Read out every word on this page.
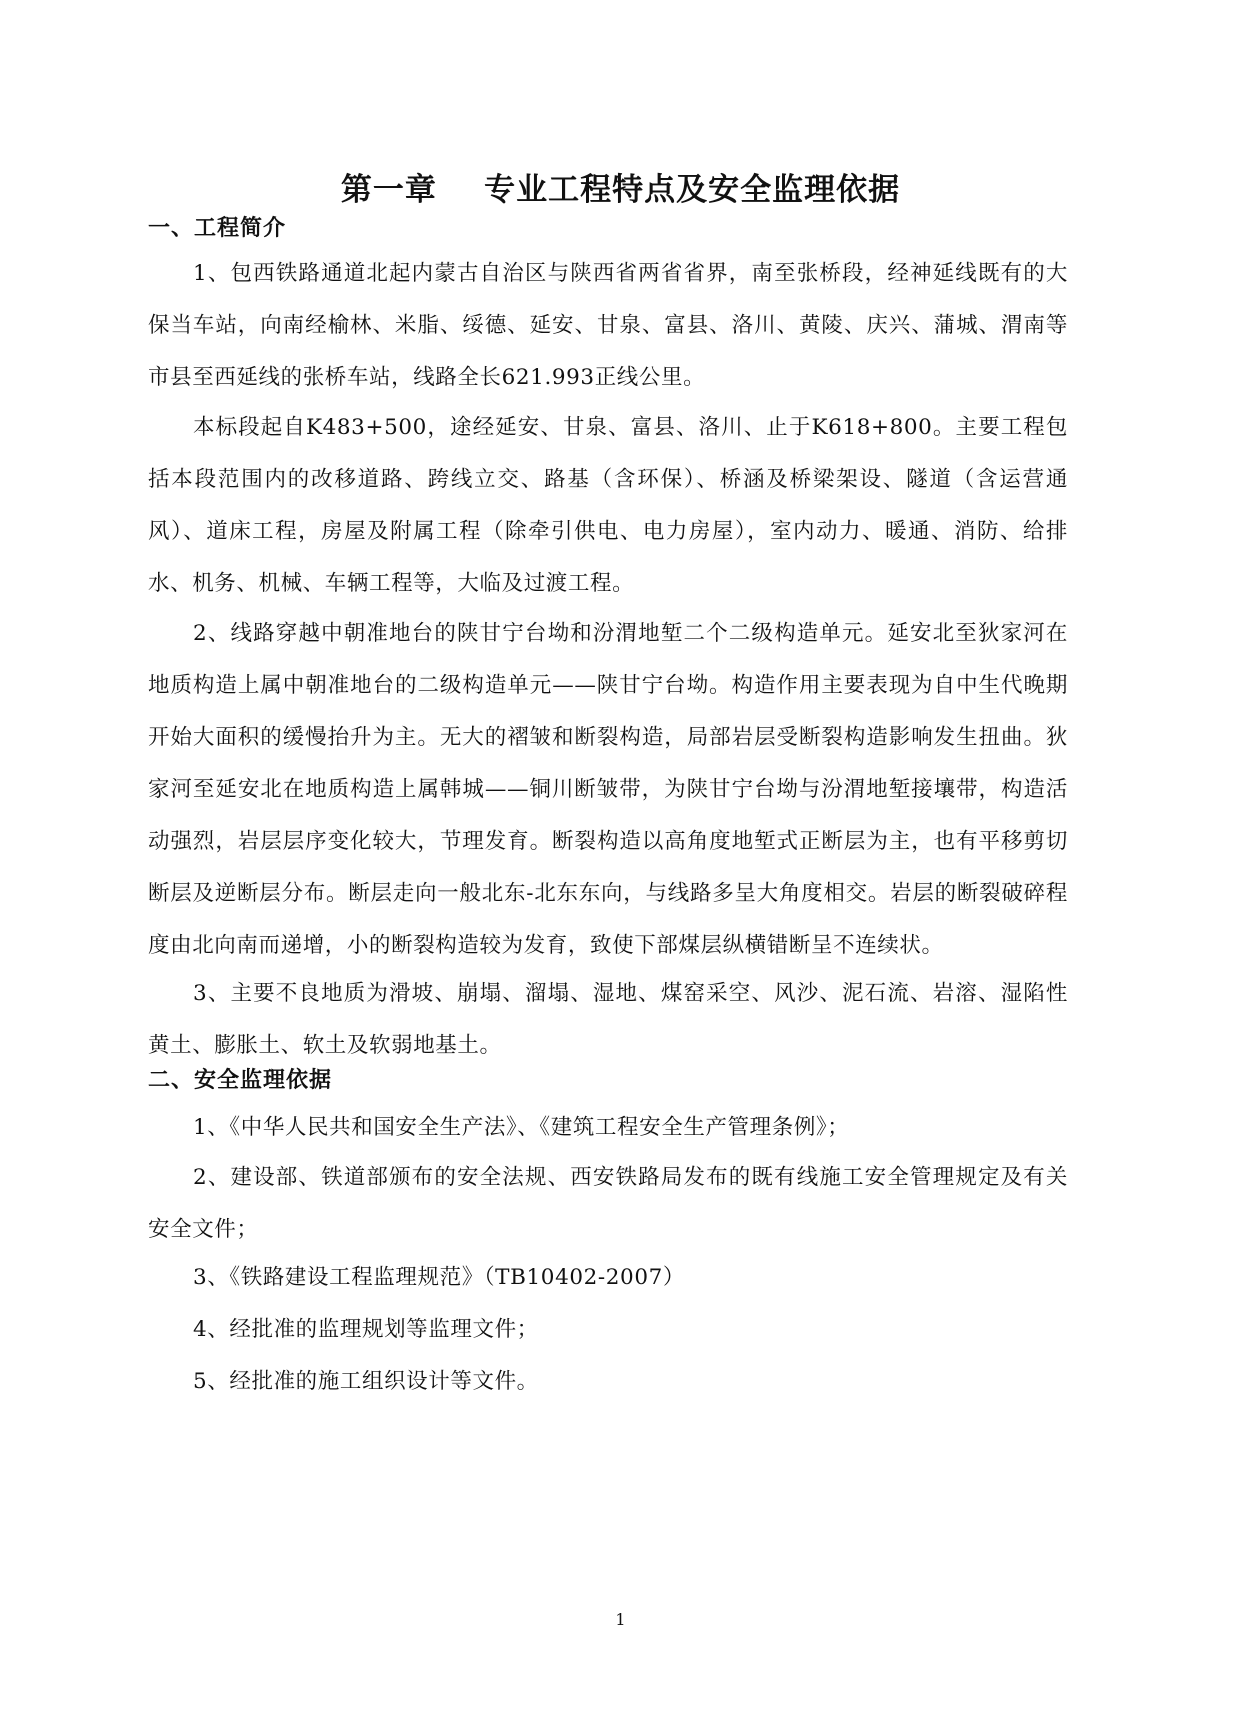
第一章    专业工程特点及安全监理依据
一、工程简介

1、包西铁路通道北起内蒙古自治区与陕西省两省省界，南至张桥段，经神延线既有的大保当车站，向南经榆林、米脂、绥德、延安、甘泉、富县、洛川、黄陵、庆兴、蒲城、渭南等市县至西延线的张桥车站，线路全长621.993正线公里。

本标段起自K483+500，途经延安、甘泉、富县、洛川、止于K618+800。主要工程包括本段范围内的改移道路、跨线立交、路基（含环保）、桥涵及桥梁架设、隧道（含运营通风）、道床工程，房屋及附属工程（除牵引供电、电力房屋），室内动力、暖通、消防、给排水、机务、机械、车辆工程等，大临及过渡工程。

2、线路穿越中朝准地台的陕甘宁台坳和汾渭地堑二个二级构造单元。延安北至狄家河在地质构造上属中朝准地台的二级构造单元——陕甘宁台坳。构造作用主要表现为自中生代晚期开始大面积的缓慢抬升为主。无大的褶皱和断裂构造，局部岩层受断裂构造影响发生扭曲。狄家河至延安北在地质构造上属韩城——铜川断皱带，为陕甘宁台坳与汾渭地堑接壤带，构造活动强烈，岩层层序变化较大，节理发育。断裂构造以高角度地堑式正断层为主，也有平移剪切断层及逆断层分布。断层走向一般北东-北东东向，与线路多呈大角度相交。岩层的断裂破碎程度由北向南而递增，小的断裂构造较为发育，致使下部煤层纵横错断呈不连续状。

3、主要不良地质为滑坡、崩塌、溜塌、湿地、煤窑采空、风沙、泥石流、岩溶、湿陷性黄土、膨胀土、软土及软弱地基土。

二、安全监理依据

1、《中华人民共和国安全生产法》、《建筑工程安全生产管理条例》；

2、建设部、铁道部颁布的安全法规、西安铁路局发布的既有线施工安全管理规定及有关安全文件；

3、《铁路建设工程监理规范》（TB10402-2007）

4、经批准的监理规划等监理文件；

5、经批准的施工组织设计等文件。

1
